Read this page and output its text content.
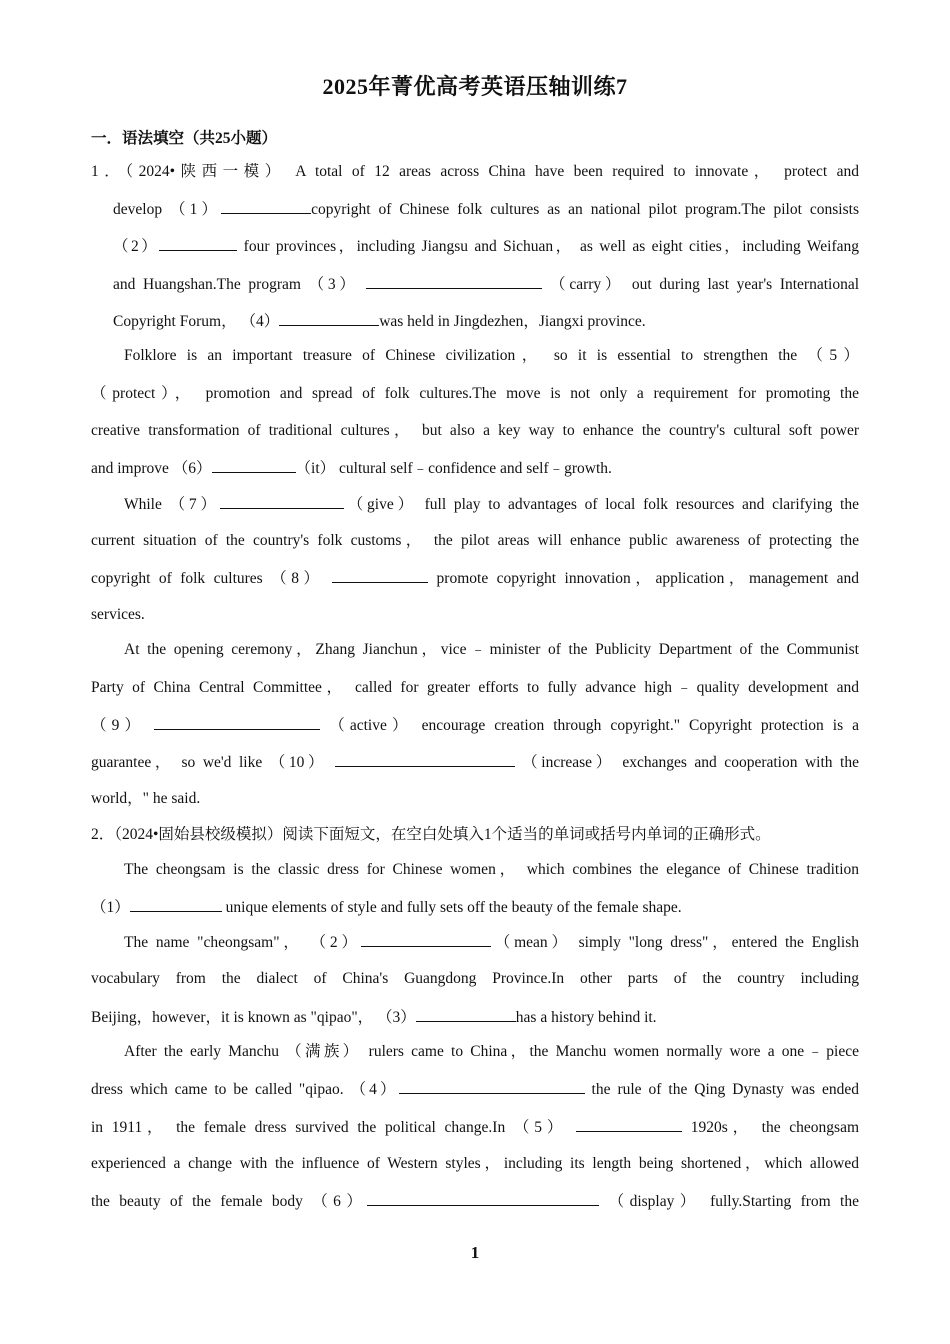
2025年菁优高考英语压轴训练7
一．语法填空（共25小题）
1．（2024•陕西一模） A total of 12 areas across China have been required to innovate， protect and
develop （1）	copyright of Chinese folk cultures as an national pilot program.The pilot consists
（2）	four provinces，including Jiangsu and Sichuan， as well as eight cities，including Weifang
and Huangshan.The program （3）	（carry） out during last year's International
Copyright Forum， （4）	was held in Jingdezhen，Jiangxi province.
Folklore is an important treasure of Chinese civilization， so it is essential to strengthen the （5）
（protect）， promotion and spread of folk cultures.The move is not only a requirement for promoting the
creative transformation of traditional cultures， but also a key way to enhance the country's cultural soft power
and improve （6）	（it） cultural self﹣confidence and self﹣growth.
While （7）	（give） full play to advantages of local folk resources and clarifying the
current situation of the country's folk customs， the pilot areas will enhance public awareness of protecting the
copyright of folk cultures （8）	promote copyright innovation，application，management and
services.
At the opening ceremony，Zhang Jianchun，vice﹣minister of the Publicity Department of the Communist
Party of China Central Committee， called for greater efforts to fully advance high﹣quality development and
（9）	（active） encourage creation through copyright." Copyright protection is a
guarantee， so we'd like （10）	（increase） exchanges and cooperation with the
world，" he said.
2．（2024•固始县校级模拟）阅读下面短文，在空白处填入1个适当的单词或括号内单词的正确形式。
The cheongsam is the classic dress for Chinese women， which combines the elegance of Chinese tradition
（1）	unique elements of style and fully sets off the beauty of the female shape.
The name "cheongsam"， （2）	（mean） simply "long dress"，entered the English
vocabulary from the dialect of China's Guangdong Province.In other parts of the country including
Beijing，however，it is known as "qipao"， （3）	has a history behind it.
After the early Manchu （满族） rulers came to China，the Manchu women normally wore a one﹣piece
dress which came to be called "qipao. （4）	the rule of the Qing Dynasty was ended
in 1911， the female dress survived the political change.In （5）	1920s， the cheongsam
experienced a change with the influence of Western styles，including its length being shortened，which allowed
the beauty of the female body （6）	（display） fully.Starting from the
1
